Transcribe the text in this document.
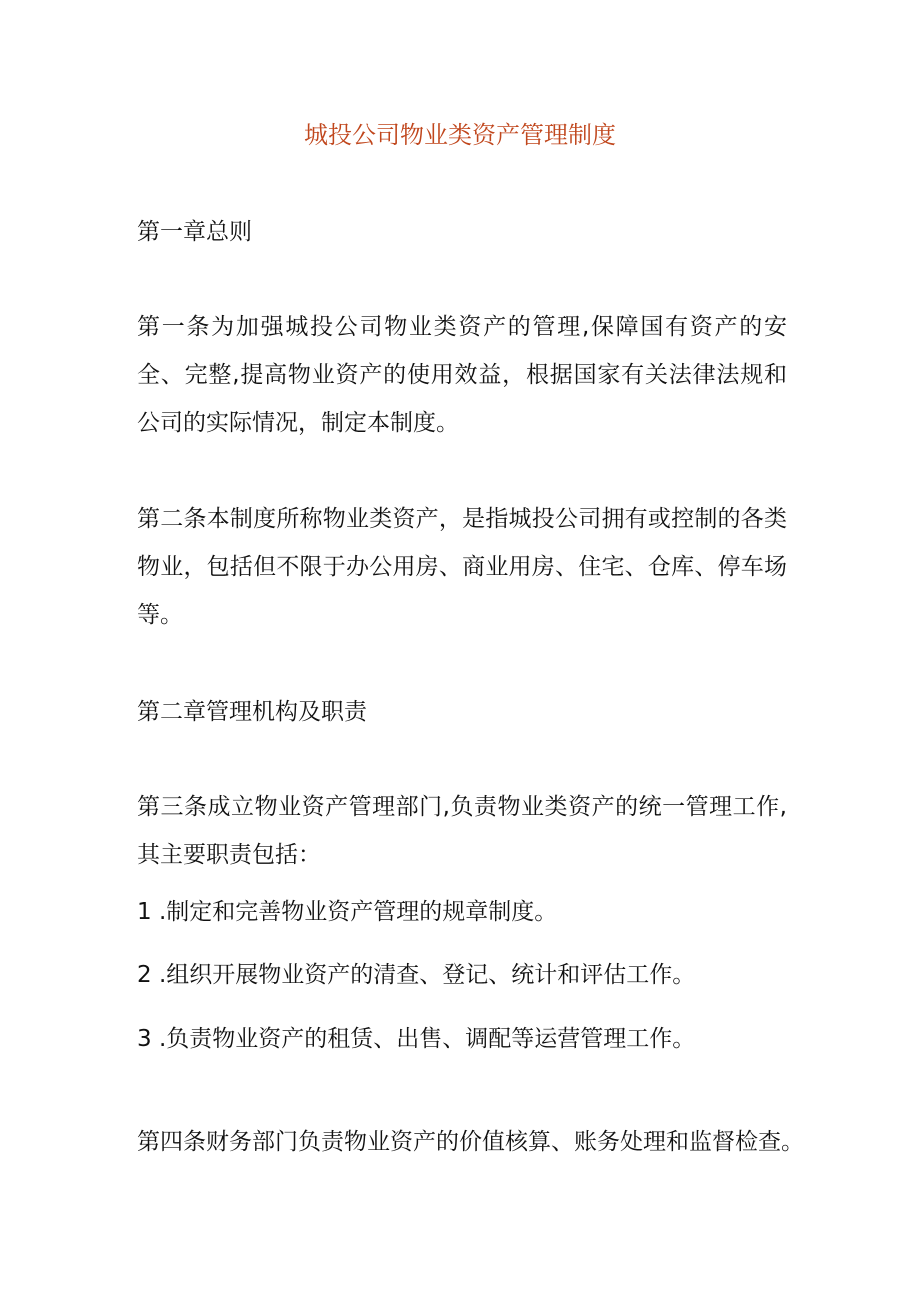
城投公司物业类资产管理制度
第一章总则
第一条为加强城投公司物业类资产的管理,保障国有资产的安全、完整,提高物业资产的使用效益，根据国家有关法律法规和公司的实际情况，制定本制度。
第二条本制度所称物业类资产，是指城投公司拥有或控制的各类物业，包括但不限于办公用房、商业用房、住宅、仓库、停车场等。
第二章管理机构及职责
第三条成立物业资产管理部门,负责物业类资产的统一管理工作,其主要职责包括：
1 .制定和完善物业资产管理的规章制度。
2 .组织开展物业资产的清查、登记、统计和评估工作。
3 .负责物业资产的租赁、出售、调配等运营管理工作。
第四条财务部门负责物业资产的价值核算、账务处理和监督检查。
